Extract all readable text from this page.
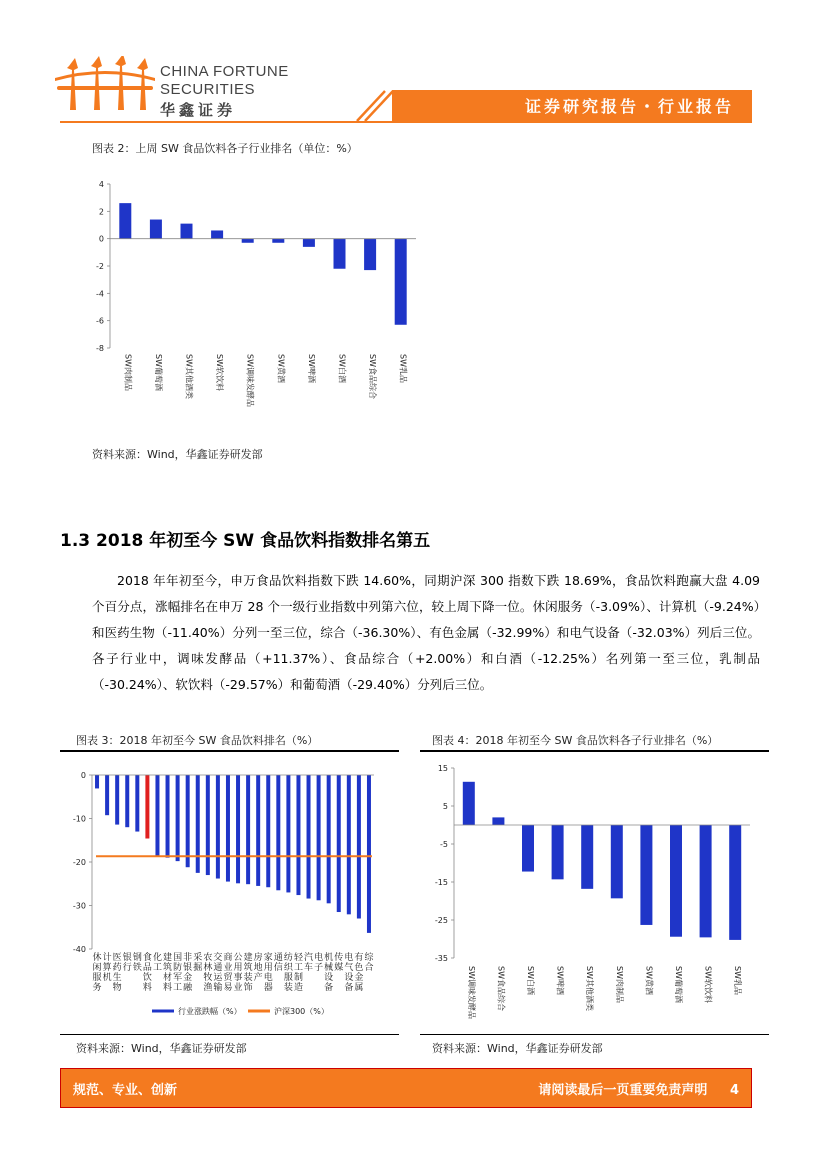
CHINA FORTUNE
SECURITIES
华鑫证券	证券研究报告・行业报告
图表 2：上周 SW 食品饮料各子行业排名（单位：%）
4
2
0
-2
-4
-6
-8
SW肉制品	SW葡萄酒	SW其他酒类	SW软饮料	SW调味发酵品	SW黄酒	SW啤酒	SW白酒	SW食品综合	SW乳品
资料来源：Wind，华鑫证券研发部
1.3 2018 年初至今 SW 食品饮料指数排名第五
2018 年年初至今，申万食品饮料指数下跌 14.60%，同期沪深 300 指数下跌 18.69%，食品饮料跑赢大盘 4.09 个百分点，涨幅排名在申万 28 个一级行业指数中列第六位，较上周下降一位。休闲服务（-3.09%）、计算机（-9.24%）和医药生物（-11.40%）分列一至三位，综合（-36.30%）、有色金属（-32.99%）和电气设备（-32.03%）列后三位。各子行业中，调味发酵品（+11.37%）、食品综合（+2.00%）和白酒（-12.25%）名列第一至三位，乳制品（-30.24%）、软饮料（-29.57%）和葡萄酒（-29.40%）分列后三位。
图表 3：2018 年初至今 SW 食品饮料排名（%）
0
-10
-20
-30
-40
休闲服务
计算机
医药生物
银行
钢铁
食品饮料
化工
建筑材料
国防军工
非银金融
采掘
农林牧渔
交通运输
商业贸易
公用事业
建筑装饰
房地产
家用电器
通信
纺织服装
轻工制造
汽车
电子
机械设备
传媒
电气设备
有色金属
综合
行业涨跌幅（%）	沪深300（%）
资料来源：Wind，华鑫证券研发部
图表 4：2018 年初至今 SW 食品饮料各子行业排名（%）
15
5
-5
-15
-25
-35
SW调味发酵品	SW食品综合	SW白酒	SW啤酒	SW其他酒类	SW肉制品	SW黄酒	SW葡萄酒	SW软饮料	SW乳品
资料来源：Wind，华鑫证券研发部
规范、专业、创新	请阅读最后一页重要免责声明 4
